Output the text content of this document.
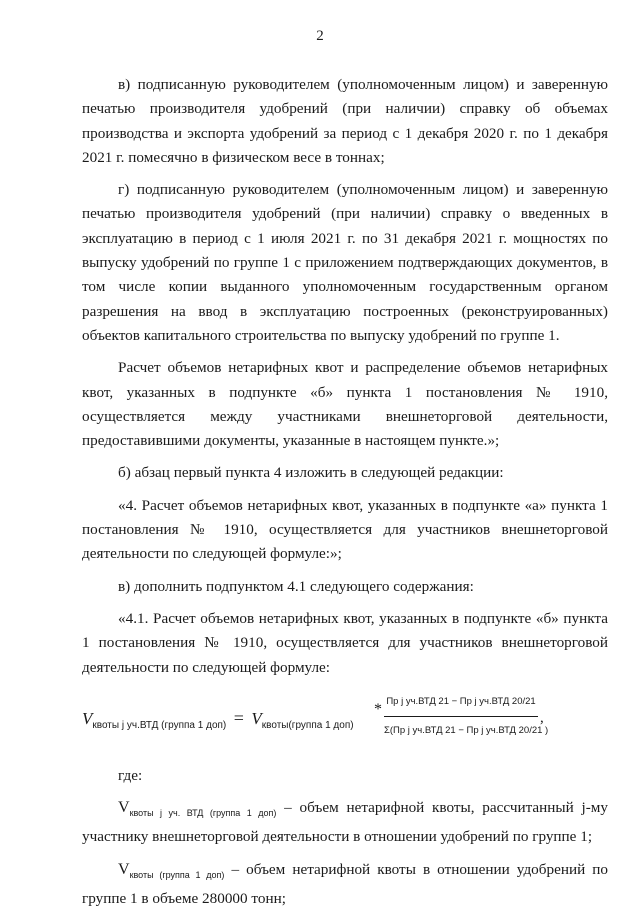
2

в) подписанную руководителем (уполномоченным лицом) и заверенную печатью производителя удобрений (при наличии) справку об объемах производства и экспорта удобрений за период с 1 декабря 2020 г. по 1 декабря 2021 г. помесячно в физическом весе в тоннах;

г) подписанную руководителем (уполномоченным лицом) и заверенную печатью производителя удобрений (при наличии) справку о введенных в эксплуатацию в период с 1 июля 2021 г. по 31 декабря 2021 г. мощностях по выпуску удобрений по группе 1 с приложением подтверждающих документов, в том числе копии выданного уполномоченным государственным органом разрешения на ввод в эксплуатацию построенных (реконструированных) объектов капитального строительства по выпуску удобрений по группе 1.

Расчет объемов нетарифных квот и распределение объемов нетарифных квот, указанных в подпункте «б» пункта 1 постановления № 1910, осуществляется между участниками внешнеторговой деятельности, предоставившими документы, указанные в настоящем пункте.»;

б) абзац первый пункта 4 изложить в следующей редакции:

«4. Расчет объемов нетарифных квот, указанных в подпункте «а» пункта 1 постановления № 1910, осуществляется для участников внешнеторговой деятельности по следующей формуле:»;

в) дополнить подпунктом 4.1 следующего содержания:

«4.1. Расчет объемов нетарифных квот, указанных в подпункте «б» пункта 1 постановления № 1910, осуществляется для участников внешнеторговой деятельности по следующей формуле:

$V_{квоты j уч.ВТД (группа 1 доп)} = V_{квоты(группа 1 доп)}$
* Пр j уч.ВТД 21 − Пр j уч.ВТД 20/21
Σ(Пр j уч.ВТД 21 − Пр j уч.ВТД 20/21 )
,

где:

$V_{квоты j уч. ВТД (группа 1 доп)}$ – объем нетарифной квоты, рассчитанный j-му участнику внешнеторговой деятельности в отношении удобрений по группе 1;

$V_{квоты (группа 1 доп)}$ – объем нетарифной квоты в отношении удобрений по группе 1 в объеме 280000 тонн;
